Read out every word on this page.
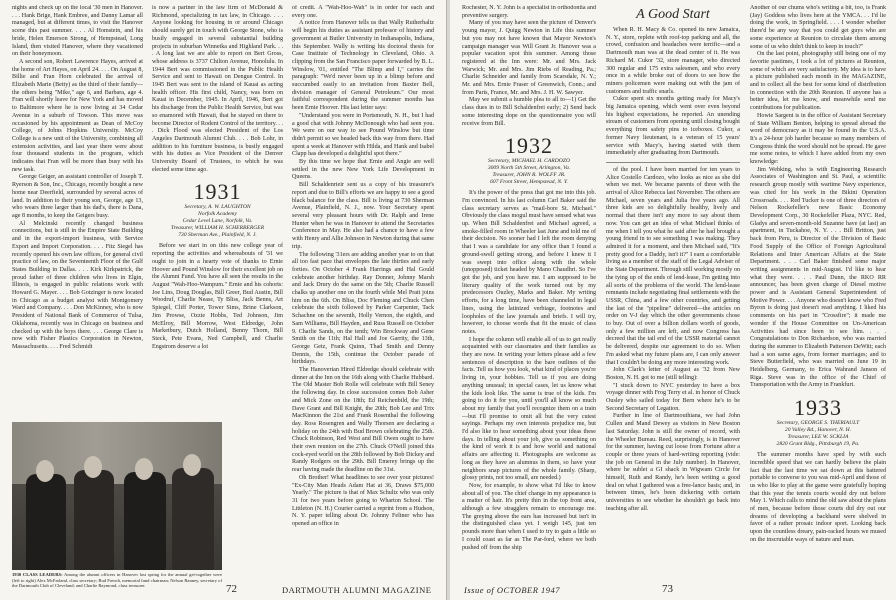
nights and check up on the local '30 men in Hanover. . . . Hank Brige, Hank Embree, and Danny Lamar all managed, but at different times, to visit the Hanover scene this past summer. . . . Al Homstein, and his bride, Helen Emerson Strong, of Hempstead, Long Island, then visited Hanover, where they vacationed on their honeymoon.

A second son, Robert Lawrence Hayes, arrived at the home of Art Hayes, on April 24. . . . On August 8, Billie and Fran Horn celebrated the arrival of Elizabeth Marie (Betty) as the third of their family—the others being "Mike," age 6, and Barbara, age 4. Fran will shortly leave for New York and has moved to Baltimore where he is now living at 34 Cedar Avenue in a suburb of Towson. This move was occasioned by his appointment as Dean of McCoy College, of Johns Hopkins University. McCoy College is a new unit of the University, combining all extension activities, and last year there were about four thousand students in the program, which indicates that Fran will be more than busy with his new task.

George Geiger, an assistant controller of Joseph T. Ryerson & Son, Inc., Chicago, recently bought a new home near Deerfield, surrounded by several acres of land. In addition to their young son, George, age 13, who wears three larger than his dad's, there is Dana, age 8 months, to keep the Geigers busy.

Al Melcinski recently changed business connections, but is still in the Empire State Building and in the export-import business, with Service Export and Import Corporation. . . . Fitz Siegel has recently opened his own law offices, for general civil practice of law, on the Seventeenth Floor of the Gulf States Building in Dallas. . . . Kirk Kirkpatrick, the proud father of three children who lives in Elgin, Illinois, is engaged in public relations work with Howard G. Mayer. . . . Bob Gotzinger is now located in Chicago as a budget analyst with Montgomery Ward and Company. . . . Don McKinney, who is now President of National Bank of Commerce of Tulsa, Oklahoma, recently was in Chicago on business and checked up with the boys there. . . . George Clare is now with Fisher Plastics Corporation in Newton, Massachusetts. . . . Fred Schmidt

is now a partner in the law firm of McDonald & Richmond, specializing in tax law, in Chicago. . . . Anyone looking for housing in or around Chicago should surely get in touch with George Stone, who is busily engaged in several substantial building projects in suburban Winnetka and Highland Park. . . . A long last we are able to report on Bert Gross, whose address is 3737 Chilton Avenue, Honolulu. In 1944 Bert was commissioned in the Public Health Service and sent to Hawaii on Dengue Control. In 1945 Bert was sent to the island of Kauai as acting health officer. His first child, Nancy, was born on Kauai in December, 1945. In April, 1946, Bert got his discharge from the Public Health Service, but was so enamored with Hawaii, that he stayed on there to become Director of Rodent Control of the territory. . . . Dick Flood was elected President of the Los Angeles Dartmouth Alumni Club. . . . Bob Lohr, in addition to his furniture business, is busily engaged with his duties as Vice President of the Denver University Board of Trustees, to which he was elected some time ago.

1931
Secretary, A. W. LAUGHTON
Norfolk Academy
Cedar Level Lane, Norfolk, Va.
Treasurer, WILLIAM H. SCHERBERGER
730 Sherman Ave., Plainfield, N. J.

Before we start in on this new college year of reporting the activities and whereabouts of '31 we ought to join in a hearty vote of thanks to Ernie Hoover and Pound Winslow for their excellent job on the Alumni Fund. You have all seen the results in the August "Wah-Hoo-Wampum." Ernie and his cohorts: Joe Lins, Doug Douglas, Bill Greer, Bud Austin, Bill Woodruf, Charlie Nease, Ty Bliss, Jack Benns, Art Spiegel, Cliff Porter, Tower Sims, Brine Clarkson, Jim Prowse, Ozzie Hobbs, Ted Johnson, Jim McElroy, Bill Morrow, West Eldredge, John Marketbury, Dutch Holland, Benny Thorn, Bill Steck, Pete Evans, Ned Campbell, and Charlie Engstrom deserve a lot

of credit. A "Wah-Hoo-Wah" is in order for each and every one.

A notice from Hanover tells us that Wally Rutherhaltz will begin his duties as assistant professor of history and government at Butler University in Indianapolis, Indiana, this September. Wally is writing his doctoral thesis for Case Institute of Technology in Cleveland, Ohio. A clipping from the San Francisco paper forwarded by B. L. Winslow, '01, entitled "The Blimp and I," carries the paragraph: "We'd never been up in a blimp before and succumbed easily to an invitation from Baxter Bell, division manager of General Petroleum." Our most faithful correspondent during the summer months has been Ernie Hoover. His last letter says:

"Understand you were in Portsmouth, N. H., but I had a good chat with Johnny McDonough who had seen you. We were on our way to see Pound Winslow but time didn't permit so we headed back this way from there. Had spent a week at Hanover with Hilda, and Hank and Isabel Clapp has developed a delightful spot there."

By this time we hope that Ernie and Angie are well settled in the new New York Life Development in Queens.

Bill Schaldenrieir sent us a copy of his treasurer's report and due to Bill's efforts we are happy to see a good black balance for the class. Bill is living at 730 Sherman Avenue, Plainfield, N. J., now. Your Secretary spent several very pleasant hours with Dr. Ralph and Irene Hunter when he was in Hanover to attend the Secretaries Conference in May. He also had a chance to have a few with Henry and Allie Johnson in Newton during that same trip.

The following '31ers are adding another year to on that all too fast pace that envelopes the late thirties and early forties. On October 4 Frank Harrings and Hal Gould celebrate another birthday. Ray Donner, Johnny Marsh and Jack Drury do the same on the 5th; Charlie Russell chalks up another one on the fourth while Mel Pratt joins him on the 6th. On Bliss, Doc Fleming and Chuck Chen celebrate the sixth followed by Parker Carpenter, Tack Schachne on the seventh, Holly Vernon, the eighth, and Sam Williams, Bill Hayden, and Russ Russell on October 9. Charlie Sands, on the tenth; Win Brockway and Gene Smith on the 11th; Hal Hall and Joe Garrity, the 13th, George Getz, Frank Quinn, Thad Smith and Denny Dennis, the 15th, continue the October parade of birthdays.

The Hanoverian Hired Eldredge should celebrate with dinner at the Inn on the 16th along with Charlie Hubbard. The Old Master Bob Rolle will celebrate with Bill Seney the following day. In close succession comes Bob Asher and Mick Zone on the 18th; Ed Reichenbild, the 19th; Dave Grant and Bill Knight, the 20th; Bob Lee and Trix MacKinnon the 21st and Frank Rosenthal the following day. Ross Rosengren and Wally Thorsen are declaring a holiday on the 24th with Bud Brown celebrating the 25th. Chuck Robinson, Red West and Bill Owen ought to have their own reunion on the 27th. Chuck O'Neill joined this cock-eyed world on the 28th followed by Bob Dickey and Randy Rodgers on the 29th. Bill Emerey brings up the rear having made the deadline on the 31st.

Oh Brother! What headlines to see over your pictures! "Ex-City Man Heads Adam Hat at 36, Draws $75,000 Yearly." The picture is that of Max Schultz who was only 31 for two years before going to Wharton School. The Littleton (N. H.) Courier carried a reprint from a Hudson, N. Y. paper telling about Dr. Johnny Feltner who has opened an office in

1930 CLASS LEADERS: Among the alumni officers in Hanover last spring for the annual get-together were (left to right) Alex McFarland, class secretary; Bud French, memorial fund chairman; Nelson Ranney, secretary of the Dartmouth Club of Cleveland; and Charlie Raymond, class treasurer.	72	DARTMOUTH ALUMNI MAGAZINE

Rochester, N. Y. John is a specialist in orthodontia and preventive surgery.

Many of you may have seen the picture of Denver's young mayor, J. Quigg Newton in Life this summer but you may not have known that Mayor Newton's campaign manager was Will Grant Jr. Hanover was a popular vacation spot this summer. Among those registered at the Inn were: Mr. and Mrs. Jack Warwick; Mr. and Mrs. Jim Riebs of Reading, Pa.; Charlie Schneider and family from Scarsdale, N. Y.; Mr. and Mrs. Ernie Fraser of Greenwich, Conn.; and from Paris, France, Mr. and Mrs. J. H. W. Sawyer.

May we submit a humble plea to all to—1) Get the class dues in to Bill Schaldenfrei early; 2) Send back some interesting dope on the questionnaire you will receive from Bill.

1932
Secretary, MICHAEL H. CARDOZO
3009 North 5th Street, Arlington, Va.
Treasurer, JOHN R. WOLFF JR.
607 Front Street, Hempstead, N. Y.

It's the power of the press that got me into this job. I'm convinced. In his last column Carl Baker said the class secretary serves as "mail-bore St. Michael." Obviously the class mogul must have sensed what was up. When Bill Schaldenfrei and Michael agreed, a smoke-filled room in Wheeler last June and told me of their decision. No sooner had I left the room denying that I was a candidate for any office than I found a ground-swell getting strong, and before I knew it I was swept into office along with the whole (unopposed) ticket headed by Mano Chaudhri. So I've got the job, and you have me. I am supposed to be literary quality of the work turned out by my predecessors Ouzley, Marks and Baker. My writing efforts, for a long time, have been channeled in legal lines, using the latinized verbiage, footnotes and loopholes of the law journals and briefs. I will try, however, to choose words that fit the music of class notes.

I hope the column will enable all of us to get really acquainted with our classmates and their families as they are now. In writing your letters please add a few sentences of description to the bare outlines of the facts. Tell us how you look, what kind of places you're living in, your hobbies. Tell us if you are doing anything unusual; in special cases, let us know what the kids look like. The same is true of the kids. I'm going to do it for you, until you'll all know so much about my family that you'll recognize them on a train—but I'll promise to omit all but the very cutest sayings. Perhaps my own interests prejudice me, but I'd also like to hear something about your ideas these days. In telling about your job, give us something on the kind of work it is and how world and national affairs are affecting it. Photographs are welcome as long as they have an alumnus in them, so have your neighbors snap pictures of the whole family. (Sharp, glossy prints, not too small, are needed.)

Now, for example, to show what I'd like to know about all of you. The chief change in my appearance is a matter of hair. It's pretty thin in the top front area, although a few stragglers remain to encourage me. The greying above the ears has increased but isn't in the distinguished class yet. I weigh 145, just ten pounds more than when I used to try to gain a little so I could coast as far as The Par-ford, where we both pushed off from the ship

A Good Start

When R. H. Macy & Co. opened its new Jamaica, N. Y., store, replete with roof-top parking and all, the crowd, confusion and headaches were terrific—and a Dartmouth man was at the dead center of it. He was Richard M. Cukor '32, store manager, who directed 300 regular and 175 extra salesmen, and who every once in a while broke out of doors to see how the miners policemen were making out with the jam of customers and traffic snarls.

Cukor spent six months getting ready for Macy's big Jamaica opening, which went over even beyond his highest expectations, he reported. An unending stream of customers from opening until closing bought everything from safety pins to iceboxes. Cukor, a former Navy lieutenant, is a veteran of 15 years' service with Macy's, having started with them immediately after graduating from Dartmouth.

of the pool. I have been married for ten years to Alice Costello Cardozo, who looks as nice as she did when we met. We became parents of three with the arrival of Alice Rebecca last November. The others are Michael, seven years and Julia five years ago. All three kids are so delightfully healthy, lively and normal that there isn't any more to say about them now. You can get an idea of what Michael thinks of me when I tell you what he said after he had brought a young friend in to see something I was making. They admired it for a moment, and then Michael said, "It's pretty good for a Daddy, isn't it?" I earn a comfortable living as a member of the staff of the Legal Adviser of the State Department. Through still working mostly on the tying up of the ends of lend-lease, I'm getting into all sorts of the problems of the world. The lend-lease remnants include negotiating final settlements with the USSR, China, and a few other countries, and getting the last of the "pipeline" delivered—the articles on order on V-J day which the other governments chose to buy. Out of over a billion dollars worth of goods, only a few million are left, and now Congress has decreed that the tail end of the USSR material cannot be delivered, despite our agreement to do so. When I'm asked what my future plans are, I can only answer that I couldn't be doing any more interesting work.

John Clark's letter of August as '32 from New Boston, N. H. got to me (still telling):

"I stuck down to NYC yesterday to have a box voyage dinner with Frog Terry et al. in honor of Chuck Ousley who sailed today for Bern where he's to be Second Secretary of Legation.

Further in line of Dartmouthiana, we had John Cullen and Mand Dewey as visitors in New Boston last Saturday. John is still the owner of record, with the Wheeler Bureau. Reed, surprisingly, is in Hanover for the summer, having cut loose from Fortune after a couple or three years of hard-writing reporting (vide: the job on General in the July number). In Hanover, where he sublet a GI shack in Wigwam Circle for himself, Ruth and Randy, he's been writing a good deal on what I gathered was a free-lance basis; and, in between times, he's been dickering with certain universities to see whether he shouldn't go back into teaching after all.

Another of our chums who's writing a bit, too, is Frank (Jay) Goddess who lives here at the YMCA. . . I'd lie doing the work, in Springfield. . . . I wonder whether there'd be any way that you could get guys who are some experience at Reunion to circulate them among some of us who didn't think to keep in touch?"

On the last point, photography still being one of my favorite pastimes, I took a lot of pictures at Reunion, some of which are very satisfactory. My idea is to have a picture published each month in the MAGAZINE, and to collect all the best for some kind of distribution in connection with the 20th Reunion. If anyone has a better idea, let me know, and meanwhile send me contributions for publication.

Howie Sargent is in the office of Assistant Secretary of State William Benton, helping to spread abroad the word of democracy as it may be found in the U.S.A. It's a 24-hour job harder because so many members of Congress think the word should not be spread. He gave me some notes, to which I have added from my own knowledge:

Jim Webking, who is with Engineering Research Associates of Washington and St. Paul, a scientific research group mostly with wartime Navy experience, was cited for his work in the Bikini Operation Crossroads. . . . Red Tucker is one of three directors of Nelson Rockefeller's new Basic Economy Development Corp., 30 Rockefeller Plaza, NYC. Red, Gladys and seven-month-old Suzanne have (at last) an apartment, in Tuckahoe, N. Y. . . . Bill Britton, just back from Peru, is Director of the Division of Basic Food Supply of the Office of Foreign Agricultural Relations and Inter American Affairs at the State Department. . . . Carl Baker finished some major writing assignments in mid-August. I'd like to hear what they were. . . . Paul Dunn, the RKO RR announcer, has been given charge of Diesel motive power and is Assistant General Superintendent of Motive Power. . . . Anyone who doesn't know who Fred Byron is doing just doesn't read anything. I liked his comments on his part in "Crossfire"; it made me wonder if the House Committee on Un-American Activities had since been to see him. . . . Congratulations to Don Richardson, who was married during the summer to Elizabeth Patterson DeWitt; each had a son same ages, from former marriages; and to Steve Butterfield, who was married on June 19 in Heidelberg, Germany, to Erica Wahrand Janson of Riga. Steve was in the office of the Chief of Transportation with the Army in Frankfurt.

1933
Secretary, GEORGE S. THERIAULT
20 Valley Rd., Hanover, N. H.
Treasurer, LEE W. SCKLIA
2820 Grant Bldg., Pittsburgh 19, Pa.

The summer months have sped by with such incredible speed that we can hardly believe the plain fact that the last time we sat down at this battered portable to converse to you was mid-April and those of us who like to play at the game were gratefully hoping that this year the tennis courts would dry out before May 1. Which calls to mind the old saw about the plans of men, because before those courts did dry out our dreams of developing a backhand were shelved in favor of a rather prosaic indoor sport. Looking back upon the countless dreary, pain-racked hours we mused on the inscrutable ways of nature and man.

Issue of OCTOBER 1947	73
